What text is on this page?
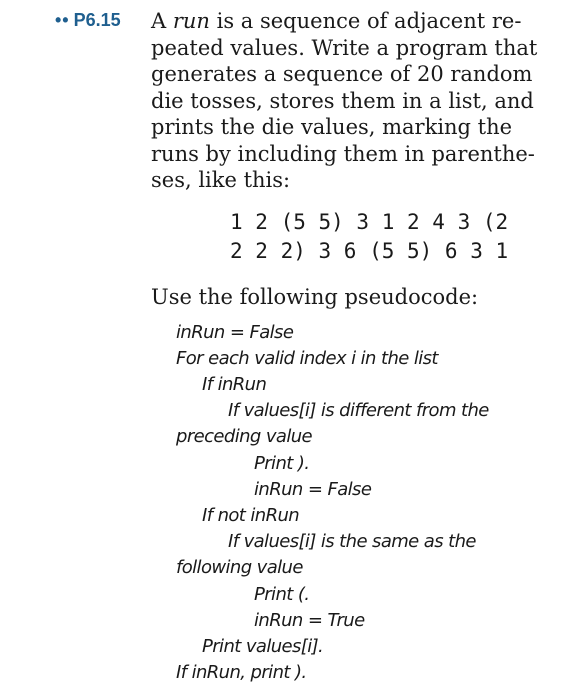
•• P6.15 A run is a sequence of adjacent re-
peated values. Write a program that
generates a sequence of 20 random
die tosses, stores them in a list, and
prints the die values, marking the
runs by including them in parenthe-
ses, like this:
1 2 (5 5) 3 1 2 4 3 (2
2 2 2) 3 6 (5 5) 6 3 1
Use the following pseudocode:
inRun = False
For each valid index i in the list
If inRun
If values[i] is different from the
preceding value
Print ).
inRun = False
If not inRun
If values[i] is the same as the
following value
Print (.
inRun = True
Print values[i].
If inRun, print ).
